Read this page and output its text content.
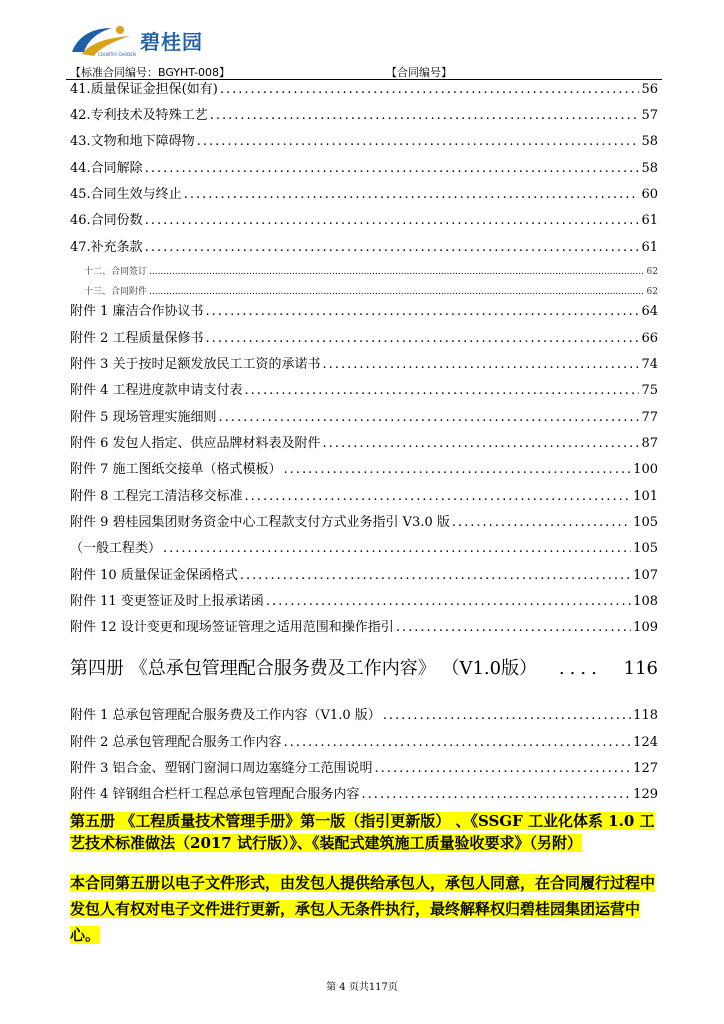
COUNTRY GARDEN
碧桂园
【标准合同编号：BGYHT-008】	【合同编号】
41.质量保证金担保(如有) .....	56
42.专利技术及特殊工艺 .....	57
43.文物和地下障碍物 .....	58
44.合同解除 .....	58
45.合同生效与终止 .....	60
46.合同份数 .....	61
47.补充条款 .....	61
十二、合同签订 .....	62
十三、合同附件 .....	62
附件 1 廉洁合作协议书 .....	64
附件 2 工程质量保修书 .....	66
附件 3 关于按时足额发放民工工资的承诺书 .....	74
附件 4 工程进度款申请支付表 .....	75
附件 5 现场管理实施细则 .....	77
附件 6 发包人指定、供应品牌材料表及附件 .....	87
附件 7 施工图纸交接单（格式模板） .....	100
附件 8 工程完工清洁移交标准 .....	101
附件 9 碧桂园集团财务资金中心工程款支付方式业务指引 V3.0 版 .....	105
（一般工程类） .....	105
附件 10 质量保证金保函格式 .....	107
附件 11 变更签证及时上报承诺函 .....	108
附件 12 设计变更和现场签证管理之适用范围和操作指引 .....	109
第四册 《总承包管理配合服务费及工作内容》 （V1.0版） ....	116
附件 1 总承包管理配合服务费及工作内容（V1.0 版） .....	118
附件 2 总承包管理配合服务工作内容 .....	124
附件 3 铝合金、塑钢门窗洞口周边塞缝分工范围说明 .....	127
附件 4 锌钢组合栏杆工程总承包管理配合服务内容 .....	129
第五册 《工程质量技术管理手册》第一版（指引更新版） 、《SSGF 工业化体系 1.0 工艺技术标准做法（2017 试行版）》、《装配式建筑施工质量验收要求》（另附）
本合同第五册以电子文件形式，由发包人提供给承包人，承包人同意，在合同履行过程中发包人有权对电子文件进行更新，承包人无条件执行，最终解释权归碧桂园集团运营中心。
第 4 页共117页
